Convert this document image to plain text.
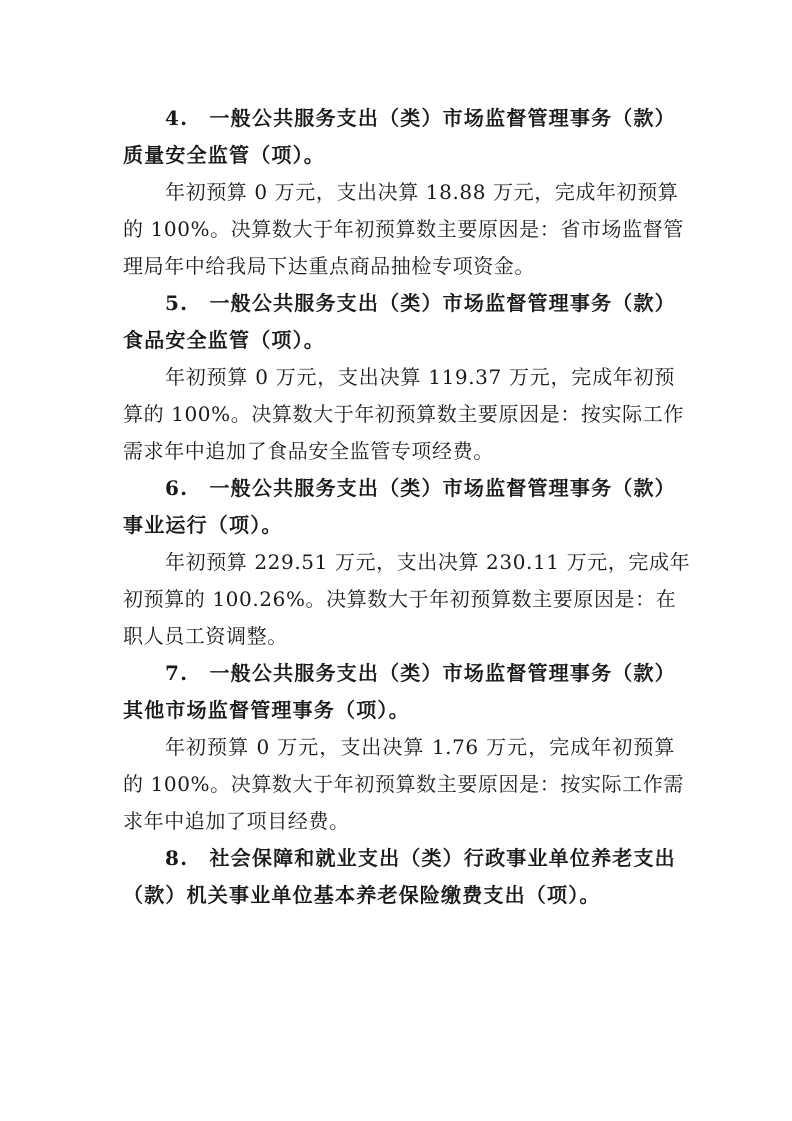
4.　一般公共服务支出（类）市场监督管理事务（款）
质量安全监管（项）。
年初预算 0 万元，支出决算 18.88 万元，完成年初预算
的 100%。决算数大于年初预算数主要原因是：省市场监督管
理局年中给我局下达重点商品抽检专项资金。
5.　一般公共服务支出（类）市场监督管理事务（款）
食品安全监管（项）。
年初预算 0 万元，支出决算 119.37 万元，完成年初预
算的 100%。决算数大于年初预算数主要原因是：按实际工作
需求年中追加了食品安全监管专项经费。
6.　一般公共服务支出（类）市场监督管理事务（款）
事业运行（项）。
年初预算 229.51 万元，支出决算 230.11 万元，完成年
初预算的 100.26%。决算数大于年初预算数主要原因是：在
职人员工资调整。
7.　一般公共服务支出（类）市场监督管理事务（款）
其他市场监督管理事务（项）。
年初预算 0 万元，支出决算 1.76 万元，完成年初预算
的 100%。决算数大于年初预算数主要原因是：按实际工作需
求年中追加了项目经费。
8.　社会保障和就业支出（类）行政事业单位养老支出
（款）机关事业单位基本养老保险缴费支出（项）。
